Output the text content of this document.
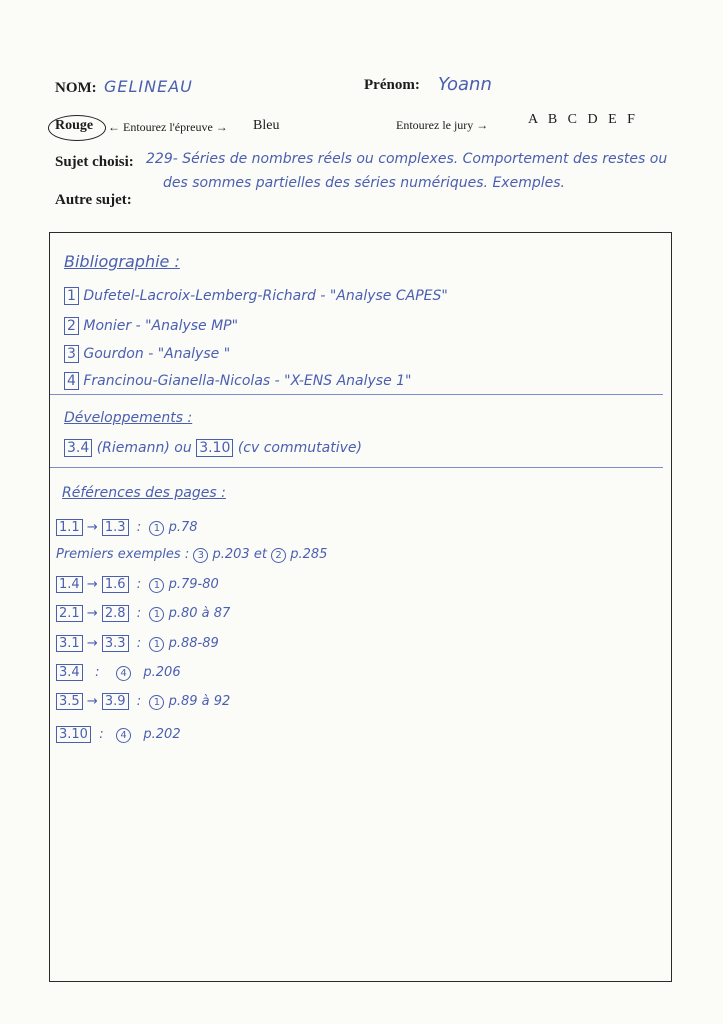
NOM: GELINEAU	Prénom: Yoann
Rouge ← Entourez l'épreuve → Bleu	Entourez le jury →	A B C D E F
Sujet choisi: 229- Séries de nombres réels ou complexes. Comportement des restes ou
des sommes partielles des séries numériques. Exemples.
Autre sujet:
Bibliographie :
1 Dufetel-Lacroix-Lemberg-Richard - "Analyse CAPES"
2 Monier - "Analyse MP"
3 Gourdon - "Analyse "
4 Francinou-Gianella-Nicolas - "X-ENS Analyse 1"
Développements :
3.4 (Riemann) ou 3.10 (cv commutative)
Références des pages :
1.1 → 1.3  :  1 p.78
Premiers exemples : 3 p.203 et 2 p.285
1.4 → 1.6  :  1 p.79-80
2.1 → 2.8  :  1 p.80 à 87
3.1 → 3.3  :  1 p.88-89
3.4   :    4 p.206
3.5 → 3.9  :  1 p.89 à 92
3.10  :   4 p.202
